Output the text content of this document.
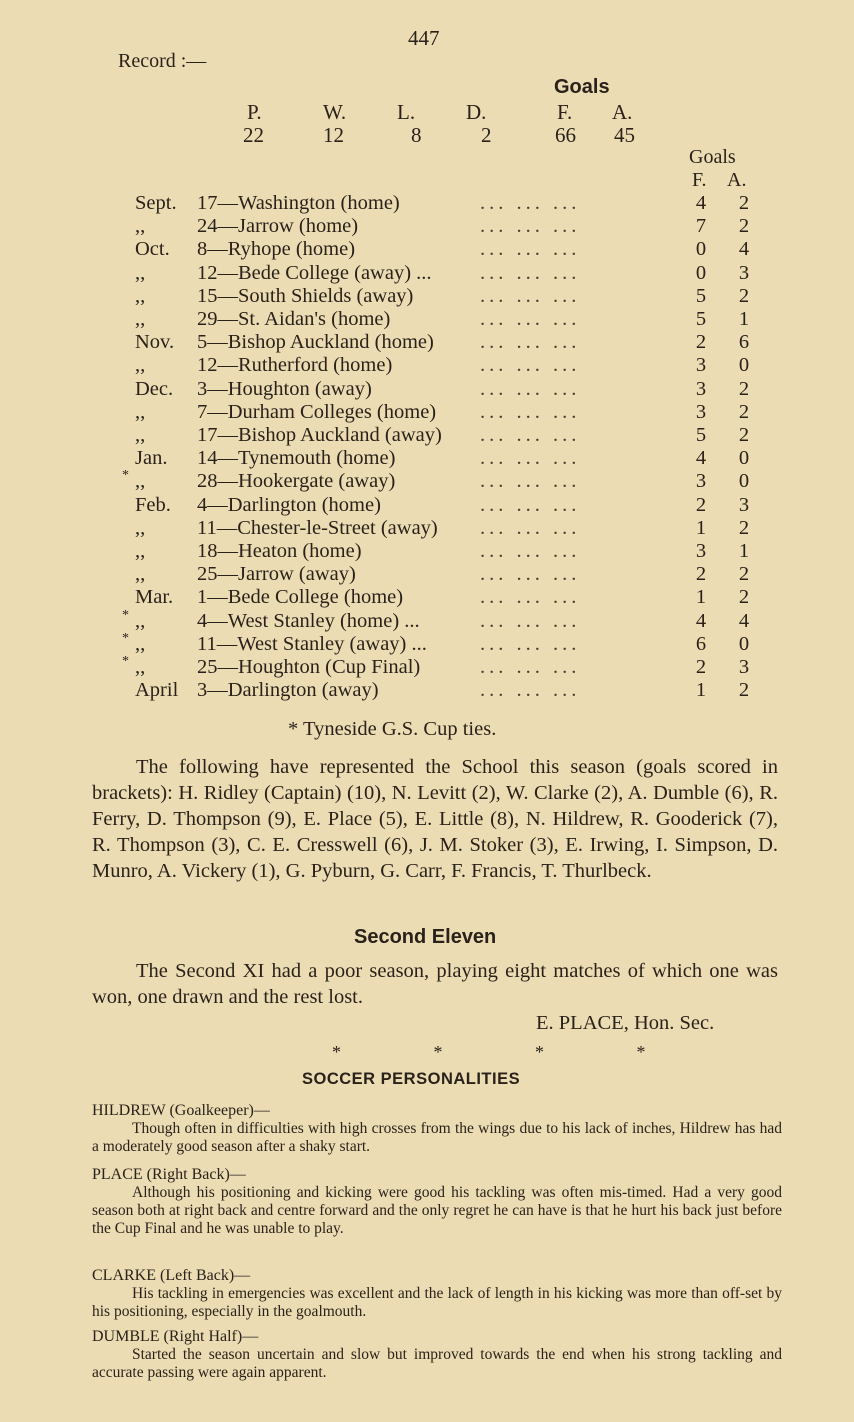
447
Record :—
Goals
P.	W. L. D.	F. A.
22	12	8	2	66 45
Goals
F. A.
Sept. 17—Washington (home)	... ... ...	4 2
,,	24—Jarrow (home)	... ... ...	7 2
Oct. 8—Ryhope (home)	... ... ...	0 4
,,	12—Bede College (away) ... ... ... ...	0 3
,,	15—South Shields (away)	... ... ...	5 2
,,	29—St. Aidan's (home)	... ... ...	5 1
Nov. 5—Bishop Auckland (home) ... ... ...	2 6
,,	12—Rutherford (home)	... ... ...	3 0
Dec. 3—Houghton (away)	... ... ...	3 2
,,	7—Durham Colleges (home) ... ... ...	3 2
,,	17—Bishop Auckland (away) ... ... ...	5 2
Jan. 14—Tynemouth (home)	... ... ...	4 0
* ,,	28—Hookergate (away)	... ... ...	3 0
Feb. 4—Darlington (home)	... ... ...	2 3
,,	11—Chester-le-Street (away) ... ... ...	1 2
,,	18—Heaton (home)	... ... ...	3 1
,,	25—Jarrow (away)	... ... ...	2 2
Mar. 1—Bede College (home)	... ... ...	1 2
* ,,	4—West Stanley (home) ...	... ... ...	4 4
* ,,	11—West Stanley (away) ...	... ... ...	6 0
* ,,	25—Houghton (Cup Final)	... ... ...	2 3
April 3—Darlington (away)	... ... ...	1 2
* Tyneside G.S. Cup ties.

The following have represented the School this season (goals scored in brackets): H. Ridley (Captain) (10), N. Levitt (2), W. Clarke (2), A. Dumble (6), R. Ferry, D. Thompson (9), E. Place (5), E. Little (8), N. Hildrew, R. Gooderick (7), R. Thompson (3), C. E. Cresswell (6), J. M. Stoker (3), E. Irwing, I. Simpson, D. Munro, A. Vickery (1), G. Pyburn, G. Carr, F. Francis, T. Thurlbeck.

Second Eleven

The Second XI had a poor season, playing eight matches of which one was won, one drawn and the rest lost.

E. PLACE, Hon. Sec.
* * * *
SOCCER PERSONALITIES
HILDREW (Goalkeeper)—
Though often in difficulties with high crosses from the wings due to his lack of inches, Hildrew has had a moderately good season after a shaky start.
PLACE (Right Back)—
Although his positioning and kicking were good his tackling was often mis-timed. Had a very good season both at right back and centre forward and the only regret he can have is that he hurt his back just before the Cup Final and he was unable to play.
CLARKE (Left Back)—
His tackling in emergencies was excellent and the lack of length in his kicking was more than off-set by his positioning, especially in the goalmouth.
DUMBLE (Right Half)—
Started the season uncertain and slow but improved towards the end when his strong tackling and accurate passing were again apparent.
